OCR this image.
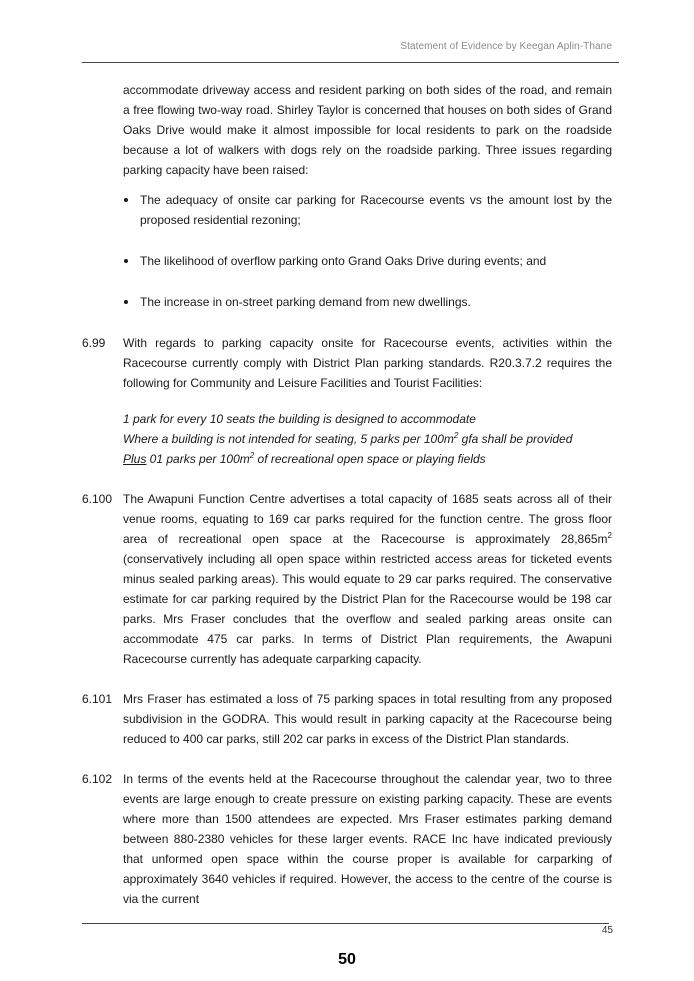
Statement of Evidence by Keegan Aplin-Thane

accommodate driveway access and resident parking on both sides of the road, and remain a free flowing two-way road. Shirley Taylor is concerned that houses on both sides of Grand Oaks Drive would make it almost impossible for local residents to park on the roadside because a lot of walkers with dogs rely on the roadside parking. Three issues regarding parking capacity have been raised:

The adequacy of onsite car parking for Racecourse events vs the amount lost by the proposed residential rezoning;
The likelihood of overflow parking onto Grand Oaks Drive during events; and
The increase in on-street parking demand from new dwellings.
6.99	With regards to parking capacity onsite for Racecourse events, activities within the Racecourse currently comply with District Plan parking standards. R20.3.7.2 requires the following for Community and Leisure Facilities and Tourist Facilities:

1 park for every 10 seats the building is designed to accommodate
Where a building is not intended for seating, 5 parks per $100m^2$ gfa shall be provided
Plus 01 parks per $100m^2$ of recreational open space or playing fields
6.100 The Awapuni Function Centre advertises a total capacity of 1685 seats across all of their venue rooms, equating to 169 car parks required for the function centre. The gross floor area of recreational open space at the Racecourse is approximately $28,865m^2$ (conservatively including all open space within restricted access areas for ticketed events minus sealed parking areas). This would equate to 29 car parks required. The conservative estimate for car parking required by the District Plan for the Racecourse would be 198 car parks. Mrs Fraser concludes that the overflow and sealed parking areas onsite can accommodate 475 car parks. In terms of District Plan requirements, the Awapuni Racecourse currently has adequate carparking capacity.

6.101 Mrs Fraser has estimated a loss of 75 parking spaces in total resulting from any proposed subdivision in the GODRA. This would result in parking capacity at the Racecourse being reduced to 400 car parks, still 202 car parks in excess of the District Plan standards.

6.102 In terms of the events held at the Racecourse throughout the calendar year, two to three events are large enough to create pressure on existing parking capacity. These are events where more than 1500 attendees are expected. Mrs Fraser estimates parking demand between 880-2380 vehicles for these larger events. RACE Inc have indicated previously that unformed open space within the course proper is available for carparking of approximately 3640 vehicles if required. However, the access to the centre of the course is via the current

45
50
